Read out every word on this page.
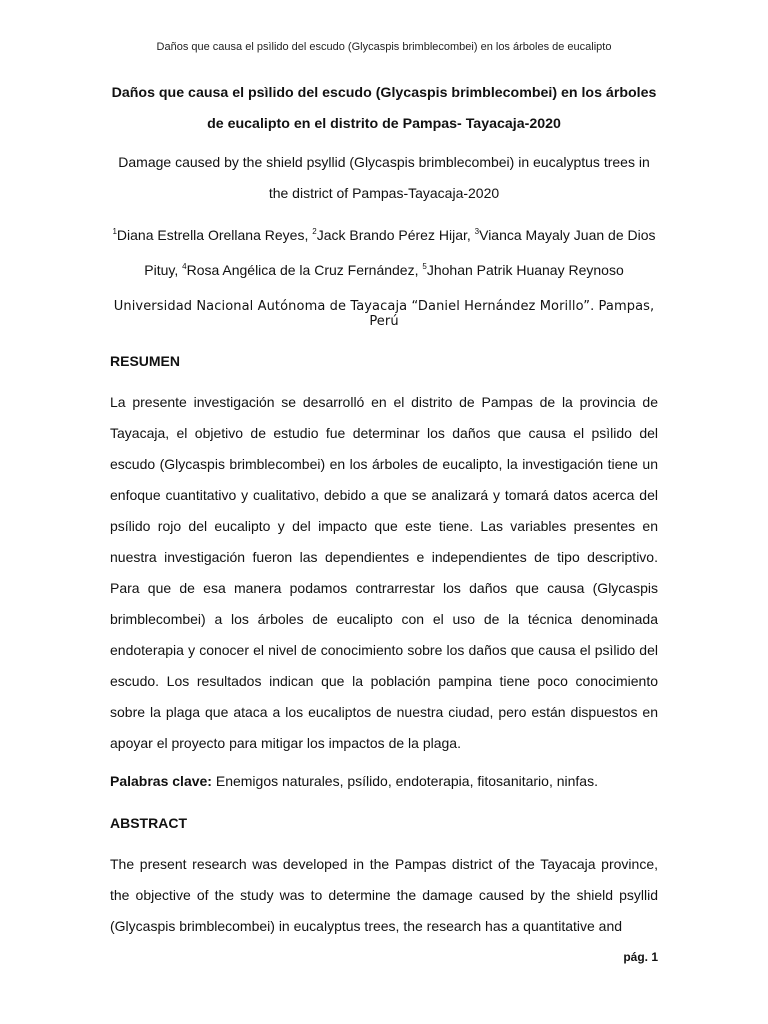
Daños que causa el psìlido del escudo (Glycaspis brimblecombei) en los árboles de eucalipto

Daños que causa el psìlido del escudo (Glycaspis brimblecombei) en los árboles de eucalipto en el distrito de Pampas- Tayacaja-2020

Damage caused by the shield psyllid (Glycaspis brimblecombei) in eucalyptus trees in the district of Pampas-Tayacaja-2020

$^1$Diana Estrella Orellana Reyes, $^2$Jack Brando Pérez Hijar, $^3$Vianca Mayaly Juan de Dios Pituy, $^4$Rosa Angélica de la Cruz Fernández, $^5$Jhohan Patrik Huanay Reynoso

Universidad Nacional Autónoma de Tayacaja “Daniel Hernández Morillo”. Pampas, Perú

RESUMEN

La presente investigación se desarrolló en el distrito de Pampas de la provincia de Tayacaja, el objetivo de estudio fue determinar los daños que causa el psìlido del escudo (Glycaspis brimblecombei) en los árboles de eucalipto, la investigación tiene un enfoque cuantitativo y cualitativo, debido a que se analizará y tomará datos acerca del psílido rojo del eucalipto y del impacto que este tiene. Las variables presentes en nuestra investigación fueron las dependientes e independientes de tipo descriptivo. Para que de esa manera podamos contrarrestar los daños que causa (Glycaspis brimblecombei) a los árboles de eucalipto con el uso de la técnica denominada endoterapia y conocer el nivel de conocimiento sobre los daños que causa el psìlido del escudo. Los resultados indican que la población pampina tiene poco conocimiento sobre la plaga que ataca a los eucaliptos de nuestra ciudad, pero están dispuestos en apoyar el proyecto para mitigar los impactos de la plaga.

Palabras clave: Enemigos naturales, psílido, endoterapia, fitosanitario, ninfas.

ABSTRACT

The present research was developed in the Pampas district of the Tayacaja province, the objective of the study was to determine the damage caused by the shield psyllid (Glycaspis brimblecombei) in eucalyptus trees, the research has a quantitative and

pág. 1
